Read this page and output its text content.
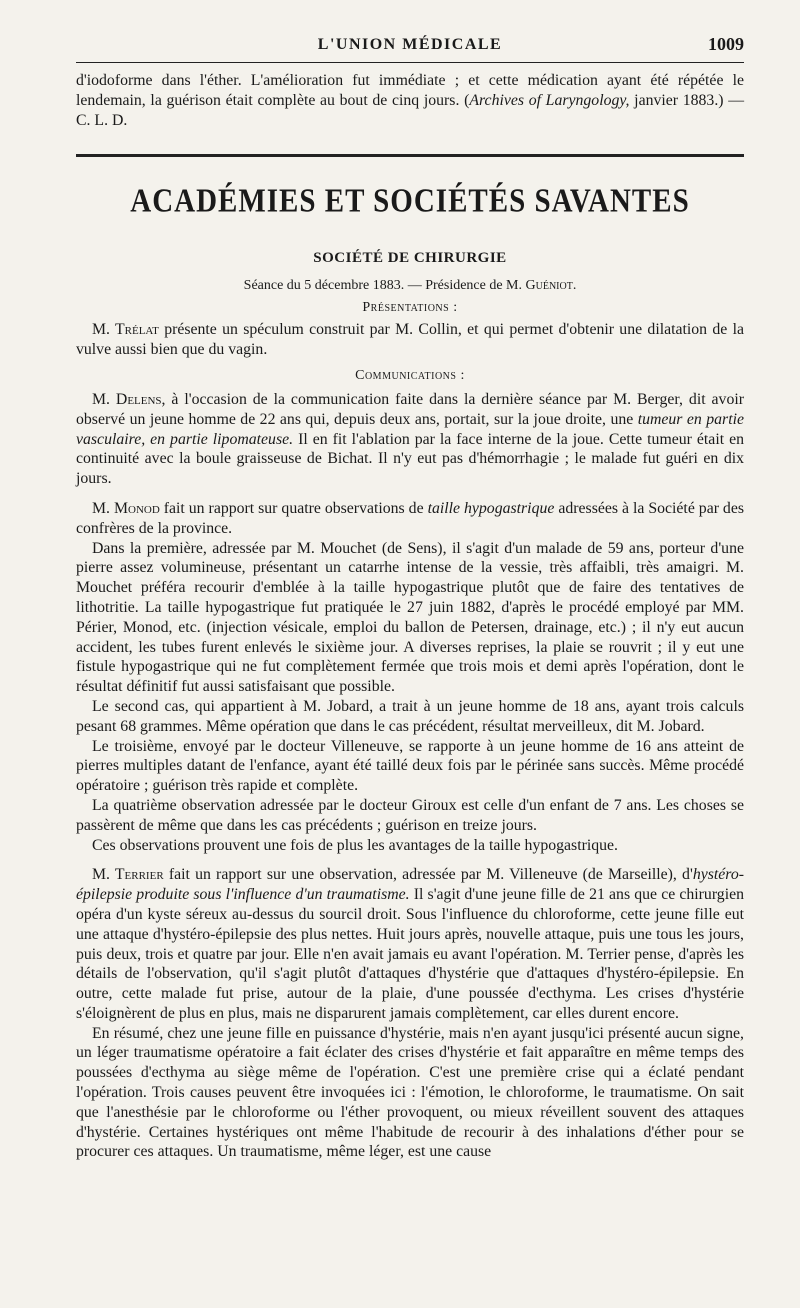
L'UNION MÉDICALE	1009

d'iodoforme dans l'éther. L'amélioration fut immédiate ; et cette médication ayant été répétée le lendemain, la guérison était complète au bout de cinq jours. (Archives of Laryngology, janvier 1883.) — C. L. D.

ACADÉMIES ET SOCIÉTÉS SAVANTES
SOCIÉTÉ DE CHIRURGIE
Séance du 5 décembre 1883. — Présidence de M. Guéniot.
Présentations :

M. Trélat présente un spéculum construit par M. Collin, et qui permet d'obtenir une dilatation de la vulve aussi bien que du vagin.

Communications :

M. Delens, à l'occasion de la communication faite dans la dernière séance par M. Berger, dit avoir observé un jeune homme de 22 ans qui, depuis deux ans, portait, sur la joue droite, une tumeur en partie vasculaire, en partie lipomateuse. Il en fit l'ablation par la face interne de la joue. Cette tumeur était en continuité avec la boule graisseuse de Bichat. Il n'y eut pas d'hémorrhagie ; le malade fut guéri en dix jours.

M. Monod fait un rapport sur quatre observations de taille hypogastrique adressées à la Société par des confrères de la province.

Dans la première, adressée par M. Mouchet (de Sens), il s'agit d'un malade de 59 ans, porteur d'une pierre assez volumineuse, présentant un catarrhe intense de la vessie, très affaibli, très amaigri. M. Mouchet préféra recourir d'emblée à la taille hypogastrique plutôt que de faire des tentatives de lithotritie. La taille hypogastrique fut pratiquée le 27 juin 1882, d'après le procédé employé par MM. Périer, Monod, etc. (injection vésicale, emploi du ballon de Petersen, drainage, etc.) ; il n'y eut aucun accident, les tubes furent enlevés le sixième jour. A diverses reprises, la plaie se rouvrit ; il y eut une fistule hypogastrique qui ne fut complètement fermée que trois mois et demi après l'opération, dont le résultat définitif fut aussi satisfaisant que possible.

Le second cas, qui appartient à M. Jobard, a trait à un jeune homme de 18 ans, ayant trois calculs pesant 68 grammes. Même opération que dans le cas précédent, résultat merveilleux, dit M. Jobard.

Le troisième, envoyé par le docteur Villeneuve, se rapporte à un jeune homme de 16 ans atteint de pierres multiples datant de l'enfance, ayant été taillé deux fois par le périnée sans succès. Même procédé opératoire ; guérison très rapide et complète.

La quatrième observation adressée par le docteur Giroux est celle d'un enfant de 7 ans. Les choses se passèrent de même que dans les cas précédents ; guérison en treize jours.

Ces observations prouvent une fois de plus les avantages de la taille hypogastrique.

M. Terrier fait un rapport sur une observation, adressée par M. Villeneuve (de Marseille), d'hystéro-épilepsie produite sous l'influence d'un traumatisme. Il s'agit d'une jeune fille de 21 ans que ce chirurgien opéra d'un kyste séreux au-dessus du sourcil droit. Sous l'influence du chloroforme, cette jeune fille eut une attaque d'hystéro-épilepsie des plus nettes. Huit jours après, nouvelle attaque, puis une tous les jours, puis deux, trois et quatre par jour. Elle n'en avait jamais eu avant l'opération. M. Terrier pense, d'après les détails de l'observation, qu'il s'agit plutôt d'attaques d'hystérie que d'attaques d'hystéro-épilepsie. En outre, cette malade fut prise, autour de la plaie, d'une poussée d'ecthyma. Les crises d'hystérie s'éloignèrent de plus en plus, mais ne disparurent jamais complètement, car elles durent encore.

En résumé, chez une jeune fille en puissance d'hystérie, mais n'en ayant jusqu'ici présenté aucun signe, un léger traumatisme opératoire a fait éclater des crises d'hystérie et fait apparaître en même temps des poussées d'ecthyma au siège même de l'opération. C'est une première crise qui a éclaté pendant l'opération. Trois causes peuvent être invoquées ici : l'émotion, le chloroforme, le traumatisme. On sait que l'anesthésie par le chloroforme ou l'éther provoquent, ou mieux réveillent souvent des attaques d'hystérie. Certaines hystériques ont même l'habitude de recourir à des inhalations d'éther pour se procurer ces attaques. Un traumatisme, même léger, est une cause
